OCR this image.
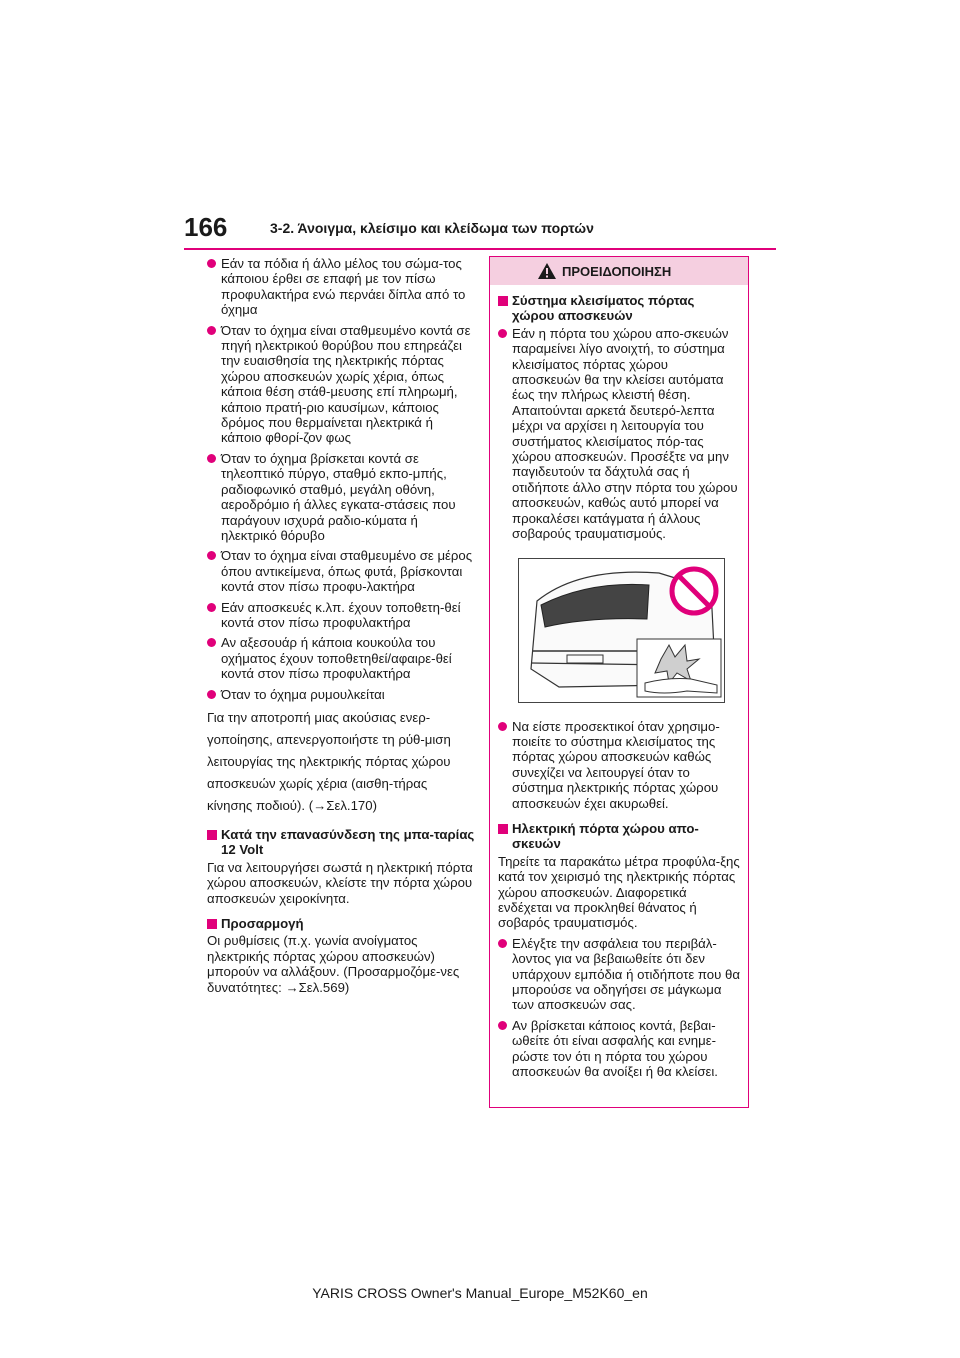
166	3-2. Άνοιγμα, κλείσιμο και κλείδωμα των πορτών
Εάν τα πόδια ή άλλο μέλος του σώμα-τος κάποιου έρθει σε επαφή με τον πίσω προφυλακτήρα ενώ περνάει δίπλα από το όχημα
Όταν το όχημα είναι σταθμευμένο κοντά σε πηγή ηλεκτρικού θορύβου που επηρεάζει την ευαισθησία της ηλεκτρικής πόρτας χώρου αποσκευών χωρίς χέρια, όπως κάποια θέση στάθ-μευσης επί πληρωμή, κάποιο πρατή-ριο καυσίμων, κάποιος δρόμος που θερμαίνεται ηλεκτρικά ή κάποιο φθορί-ζον φως
Όταν το όχημα βρίσκεται κοντά σε τηλεοπτικό πύργο, σταθμό εκπο-μπής, ραδιοφωνικό σταθμό, μεγάλη οθόνη, αεροδρόμιο ή άλλες εγκατα-στάσεις που παράγουν ισχυρά ραδιο-κύματα ή ηλεκτρικό θόρυβο
Όταν το όχημα είναι σταθμευμένο σε μέρος όπου αντικείμενα, όπως φυτά, βρίσκονται κοντά στον πίσω προφυ-λακτήρα
Εάν αποσκευές κ.λπ. έχουν τοποθετη-θεί κοντά στον πίσω προφυλακτήρα
Αν αξεσουάρ ή κάποια κουκούλα του οχήματος έχουν τοποθετηθεί/αφαιρε-θεί κοντά στον πίσω προφυλακτήρα
Όταν το όχημα ρυμουλκείται

Για την αποτροπή μιας ακούσιας ενερ-γοποίησης, απενεργοποιήστε τη ρύθ-μιση λειτουργίας της ηλεκτρικής πόρτας χώρου αποσκευών χωρίς χέρια (αισθη-τήρας κίνησης ποδιού). (→Σελ.170)

Κατά την επανασύνδεση της μπα-ταρίας 12 Volt

Για να λειτουργήσει σωστά η ηλεκτρική πόρτα χώρου αποσκευών, κλείστε την πόρτα χώρου αποσκευών χειροκίνητα.

Προσαρμογή

Οι ρυθμίσεις (π.χ. γωνία ανοίγματος ηλεκτρικής πόρτας χώρου αποσκευών) μπορούν να αλλάξουν. (Προσαρμοζόμε-νες δυνατότητες: →Σελ.569)

ΠΡΟΕΙΔΟΠΟΙΗΣΗ
Σύστημα κλεισίματος πόρτας χώρου αποσκευών
Εάν η πόρτα του χώρου απο-σκευών παραμείνει λίγο ανοιχτή, το σύστημα κλεισίματος πόρτας χώρου αποσκευών θα την κλείσει αυτόματα έως την πλήρως κλειστή θέση. Απαιτούνται αρκετά δευτερό-λεπτα μέχρι να αρχίσει η λειτουργία του συστήματος κλεισίματος πόρ-τας χώρου αποσκευών. Προσέξτε να μην παγιδευτούν τα δάχτυλά σας ή οτιδήποτε άλλο στην πόρτα του χώρου αποσκευών, καθώς αυτό μπορεί να προκαλέσει κατάγματα ή άλλους σοβαρούς τραυματισμούς.
Να είστε προσεκτικοί όταν χρησιμο-ποιείτε το σύστημα κλεισίματος της πόρτας χώρου αποσκευών καθώς συνεχίζει να λειτουργεί όταν το σύστημα ηλεκτρικής πόρτας χώρου αποσκευών έχει ακυρωθεί.
Ηλεκτρική πόρτα χώρου απο-σκευών

Τηρείτε τα παρακάτω μέτρα προφύλα-ξης κατά τον χειρισμό της ηλεκτρικής πόρτας χώρου αποσκευών. Διαφορετικά ενδέχεται να προκληθεί θάνατος ή σοβαρός τραυματισμός.

Ελέγξτε την ασφάλεια του περιβάλ-λοντος για να βεβαιωθείτε ότι δεν υπάρχουν εμπόδια ή οτιδήποτε που θα μπορούσε να οδηγήσει σε μάγκωμα των αποσκευών σας.
Αν βρίσκεται κάποιος κοντά, βεβαι-ωθείτε ότι είναι ασφαλής και ενημε-ρώστε τον ότι η πόρτα του χώρου αποσκευών θα ανοίξει ή θα κλείσει.
YARIS CROSS Owner's Manual_Europe_M52K60_en
